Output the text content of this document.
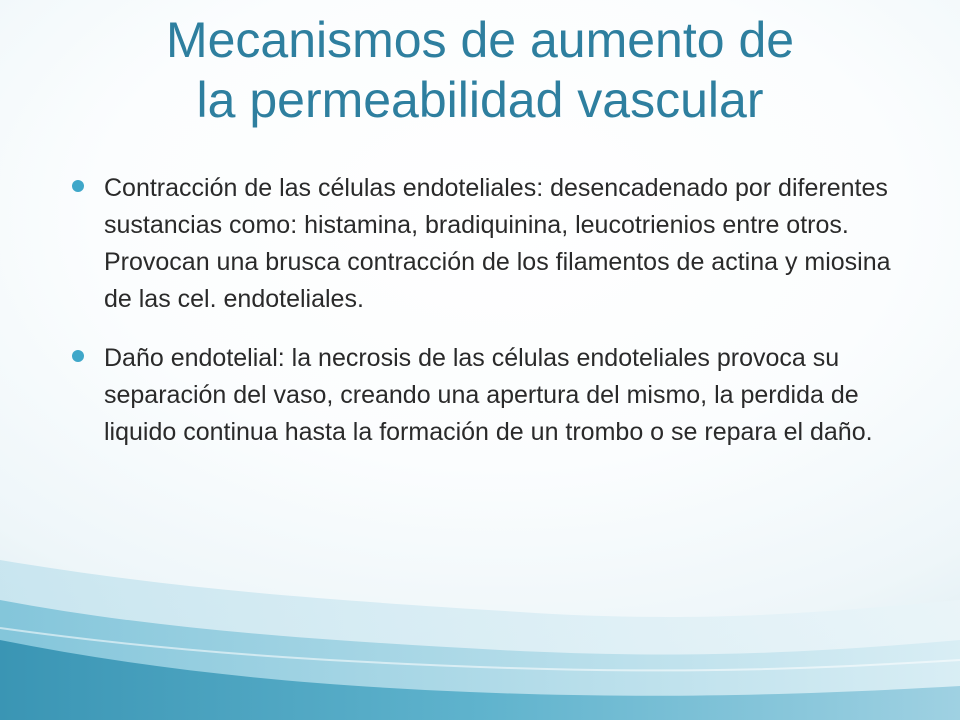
Mecanismos de aumento de
la permeabilidad vascular
Contracción de las células endoteliales: desencadenado por diferentes sustancias como: histamina, bradiquinina, leucotrienios entre otros. Provocan una brusca contracción de los filamentos de actina y miosina de las cel. endoteliales.
Daño endotelial: la necrosis de las células endoteliales provoca su separación del vaso, creando una apertura del mismo, la perdida de liquido continua hasta la formación de un trombo o se repara el daño.
